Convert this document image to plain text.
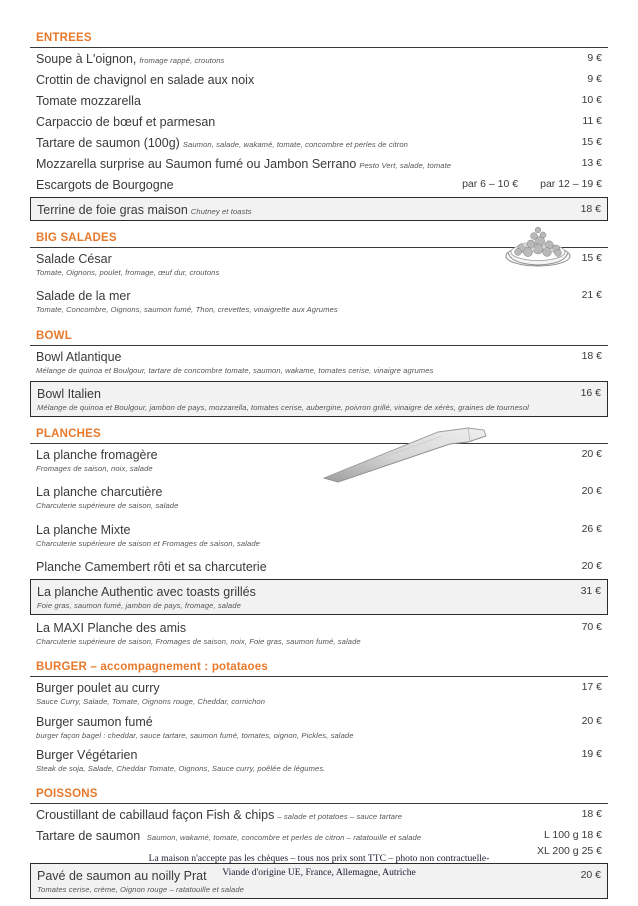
ENTREES
Soupe à L'oignon, fromage rappé, croutons	9 €
Crottin de chavignol en salade aux noix	9 €
Tomate mozzarella	10 €
Carpaccio de bœuf et parmesan	11 €
Tartare de saumon (100g) Saumon, salade, wakamé, tomate, concombre et perles de citron	15 €
Mozzarella surprise au Saumon fumé ou Jambon Serrano Pesto Vert, salade, tomate	13 €
Escargots de Bourgogne	par 6 – 10 € par 12 – 19 €
Terrine de foie gras maison Chutney et toasts	18 €
BIG SALADES
Salade César	15 €
Tomate, Oignons, poulet, fromage, œuf dur, croutons
Salade de la mer	21 €
Tomate, Concombre, Oignons, saumon fumé, Thon, crevettes, vinaigrette aux Agrumes
BOWL
Bowl Atlantique	18 €
Mélange de quinoa et Boulgour, tartare de concombre tomate, saumon, wakame, tomates cerise, vinaigre agrumes
Bowl Italien	16 €
Mélange de quinoa et Boulgour, jambon de pays, mozzarella, tomates cerise, aubergine, poivron grillé, vinaigre de xérès, graines de tournesol
PLANCHES
La planche fromagère	20 €
Fromages de saison, noix, salade
La planche charcutière	20 €
Charcuterie supérieure de saison, salade
La planche Mixte	26 €
Charcuterie supérieure de saison et Fromages de saison, salade
Planche Camembert rôti et sa charcuterie	20 €
La planche Authentic avec toasts grillés	31 €
Foie gras, saumon fumé, jambon de pays, fromage, salade
La MAXI Planche des amis	70 €
Charcuterie supérieure de saison, Fromages de saison, noix, Foie gras, saumon fumé, salade
BURGER – accompagnement : potataoes
Burger poulet au curry	17 €
Sauce Curry, Salade, Tomate, Oignons rouge, Cheddar, cornichon
Burger saumon fumé	20 €
burger façon bagel : cheddar, sauce tartare, saumon fumé, tomates, oignon, Pickles, salade
Burger Végétarien	19 €
Steak de soja, Salade, Cheddar Tomate, Oignons, Sauce curry, poêlée de légumes.
POISSONS
Croustillant de cabillaud façon Fish & chips – salade et potatoes – sauce tartare	18 €
Tartare de saumon Saumon, wakamé, tomate, concombre et perles de citron – ratatouille et salade	L 100 g 18 €
XL 200 g 25 €
Pavé de saumon au noilly Prat	20 €
Tomates cerise, crème, Oignon rouge – ratatouille et salade
La maison n'accepte pas les chèques – tous nos prix sont TTC – photo non contractuelle-
Viande d'origine UE, France, Allemagne, Autriche
